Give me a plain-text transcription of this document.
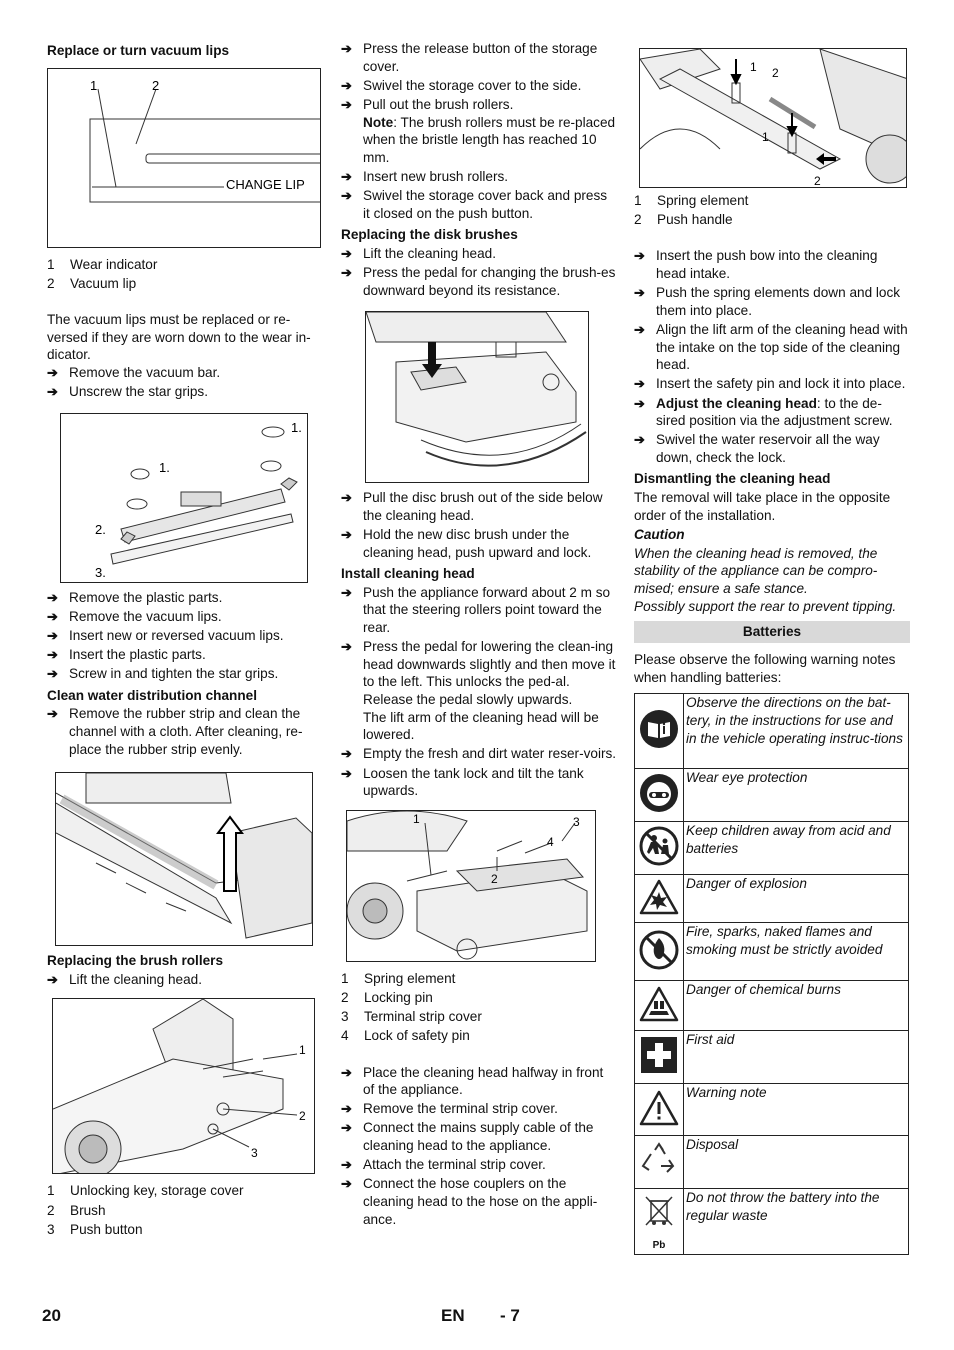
Replace or turn vacuum lips
1	2
CHANGE LIP
1	Wear indicator
2	Vacuum lip
The vacuum lips must be replaced or re-versed if they are worn down to the wear in-dicator.
➔ Remove the vacuum bar.
➔ Unscrew the star grips.
1.
1.
2.
3.
➔ Remove the plastic parts.
➔ Remove the vacuum lips.
➔ Insert new or reversed vacuum lips.
➔ Insert the plastic parts.
➔ Screw in and tighten the star grips.
Clean water distribution channel
➔ Remove the rubber strip and clean the channel with a cloth. After cleaning, re-place the rubber strip evenly.
Replacing the brush rollers
➔ Lift the cleaning head.
1
2
3
1	Unlocking key, storage cover
2	Brush
3	Push button
➔ Press the release button of the storage cover.
➔ Swivel the storage cover to the side.
➔ Pull out the brush rollers.
Note: The brush rollers must be re-placed when the bristle length has reached 10 mm.
➔ Insert new brush rollers.
➔ Swivel the storage cover back and press it closed on the push button.
Replacing the disk brushes
➔ Lift the cleaning head.
➔ Press the pedal for changing the brush-es downward beyond its resistance.
➔ Pull the disc brush out of the side below the cleaning head.
➔ Hold the new disc brush under the cleaning head, push upward and lock.
Install cleaning head
➔ Push the appliance forward about 2 m so that the steering rollers point toward the rear.
➔ Press the pedal for lowering the clean-ing head downwards slightly and then move it to the left. This unlocks the ped-al. Release the pedal slowly upwards.
The lift arm of the cleaning head will be lowered.
➔ Empty the fresh and dirt water reser-voirs.
➔ Loosen the tank lock and tilt the tank upwards.
1	3
4
2
1	Spring element
2	Locking pin
3	Terminal strip cover
4	Lock of safety pin
➔ Place the cleaning head halfway in front of the appliance.
➔ Remove the terminal strip cover.
➔ Connect the mains supply cable of the cleaning head to the appliance.
➔ Attach the terminal strip cover.
➔ Connect the hose couplers on the cleaning head to the hose on the appli-ance.
1 2
1
2
1	Spring element
2	Push handle
➔ Insert the push bow into the cleaning head intake.
➔ Push the spring elements down and lock them into place.
➔ Align the lift arm of the cleaning head with the intake on the top side of the cleaning head.
➔ Insert the safety pin and lock it into place.
➔ Adjust the cleaning head: to the de-sired position via the adjustment screw.
➔ Swivel the water reservoir all the way down, check the lock.
Dismantling the cleaning head
The removal will take place in the opposite order of the installation.
Caution
When the cleaning head is removed, the stability of the appliance can be compro-mised; ensure a safe stance.
Possibly support the rear to prevent tipping.
Batteries
Please observe the following warning notes when handling batteries:
	Observe the directions on the bat-tery, in the instructions for use and in the vehicle operating instruc-tions
	Wear eye protection
	Keep children away from acid and batteries
	Danger of explosion
	Fire, sparks, naked flames and smoking must be strictly avoided
	Danger of chemical burns
	First aid
	Warning note
	Disposal

Pb	Do not throw the battery into the regular waste
20	EN - 7
